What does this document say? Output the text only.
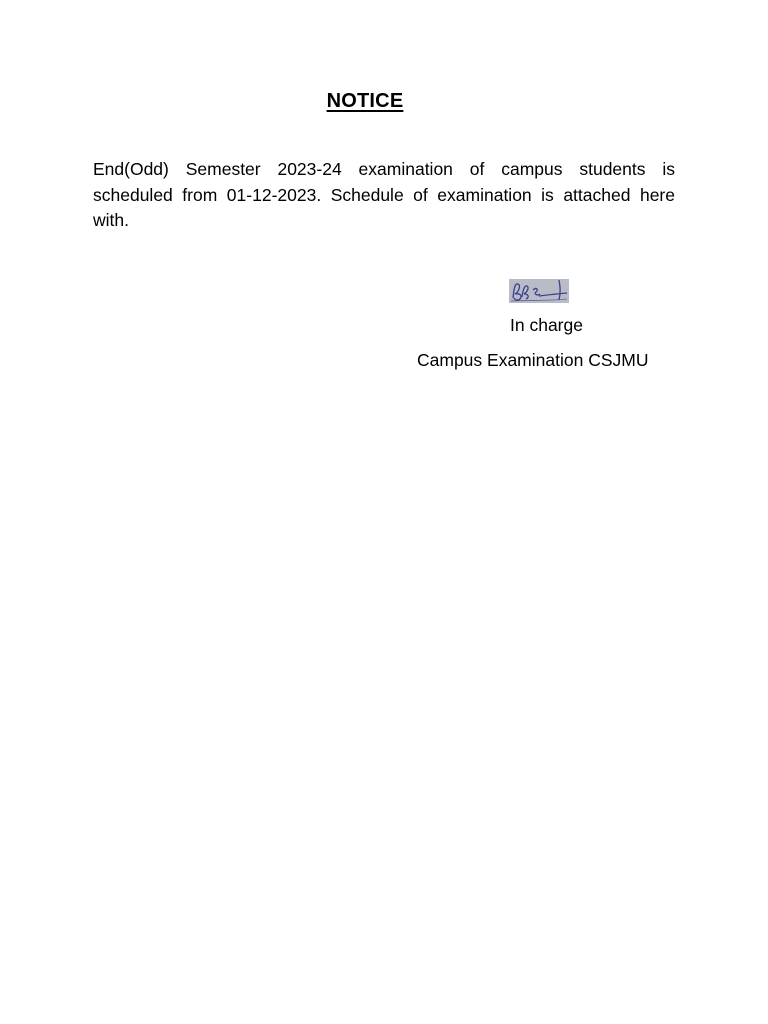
NOTICE
End(Odd) Semester 2023-24 examination of campus students is scheduled from 01-12-2023. Schedule of examination is attached here with.
In charge
Campus Examination CSJMU
